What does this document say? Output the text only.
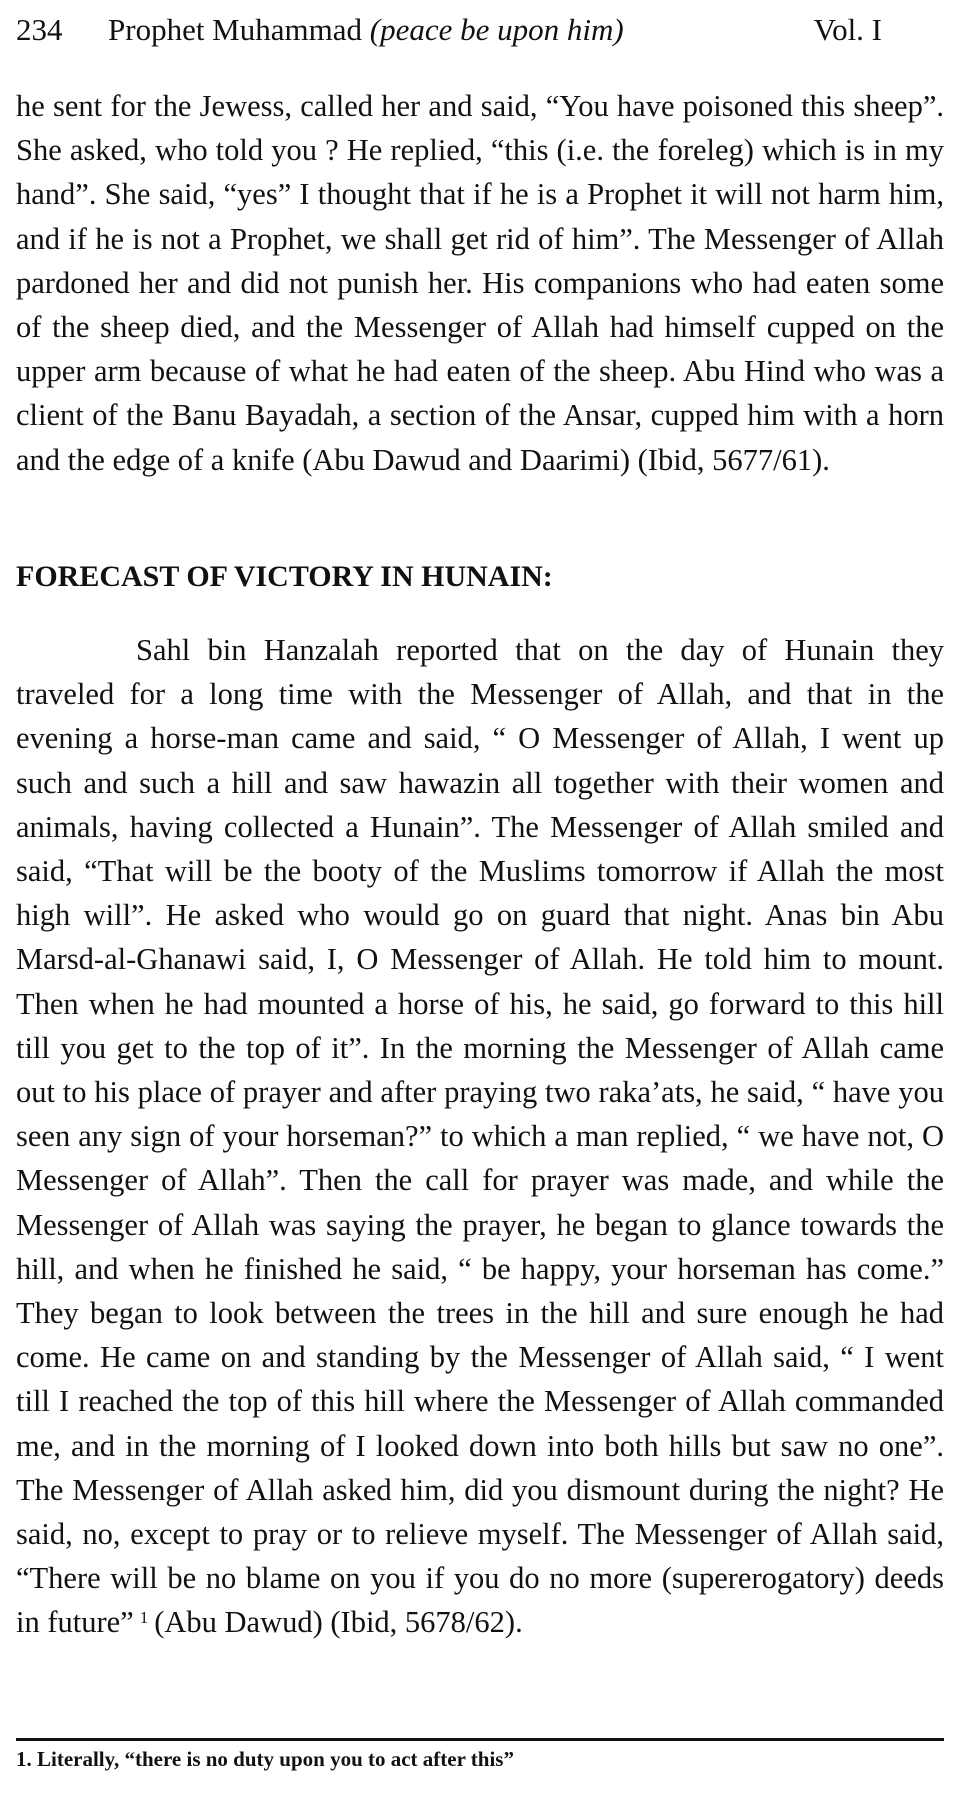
234 Prophet Muhammad (peace be upon him)	Vol. I

he sent for the Jewess, called her and said, “You have poisoned this sheep”. She asked, who told you ? He replied, “this (i.e. the foreleg) which is in my hand”. She said, “yes” I thought that if he is a Prophet it will not harm him, and if he is not a Prophet, we shall get rid of him”. The Messenger of Allah pardoned her and did not punish her. His companions who had eaten some of the sheep died, and the Messenger of Allah had himself cupped on the upper arm because of what he had eaten of the sheep. Abu Hind who was a client of the Banu Bayadah, a section of the Ansar, cupped him with a horn and the edge of a knife (Abu Dawud and Daarimi) (Ibid, 5677/61).

FORECAST OF VICTORY IN HUNAIN:

Sahl bin Hanzalah reported that on the day of Hunain they traveled for a long time with the Messenger of Allah, and that in the evening a horse-man came and said, “ O Messenger of Allah, I went up such and such a hill and saw hawazin all together with their women and animals, having collected a Hunain”. The Messenger of Allah smiled and said, “That will be the booty of the Muslims tomorrow if Allah the most high will”. He asked who would go on guard that night. Anas bin Abu Marsd-al-Ghanawi said, I, O Messenger of Allah. He told him to mount. Then when he had mounted a horse of his, he said, go forward to this hill till you get to the top of it”. In the morning the Messenger of Allah came out to his place of prayer and after praying two raka’ats, he said, “ have you seen any sign of your horseman?” to which a man replied, “ we have not, O Messenger of Allah”. Then the call for prayer was made, and while the Messenger of Allah was saying the prayer, he began to glance towards the hill, and when he finished he said, “ be happy, your horseman has come.” They began to look between the trees in the hill and sure enough he had come. He came on and standing by the Messenger of Allah said, “ I went till I reached the top of this hill where the Messenger of Allah commanded me, and in the morning of I looked down into both hills but saw no one”. The Messenger of Allah asked him, did you dismount during the night? He said, no, except to pray or to relieve myself. The Messenger of Allah said, “There will be no blame on you if you do no more (supererogatory) deeds in future” $^1$ (Abu Dawud) (Ibid, 5678/62).

1. Literally, “there is no duty upon you to act after this”
